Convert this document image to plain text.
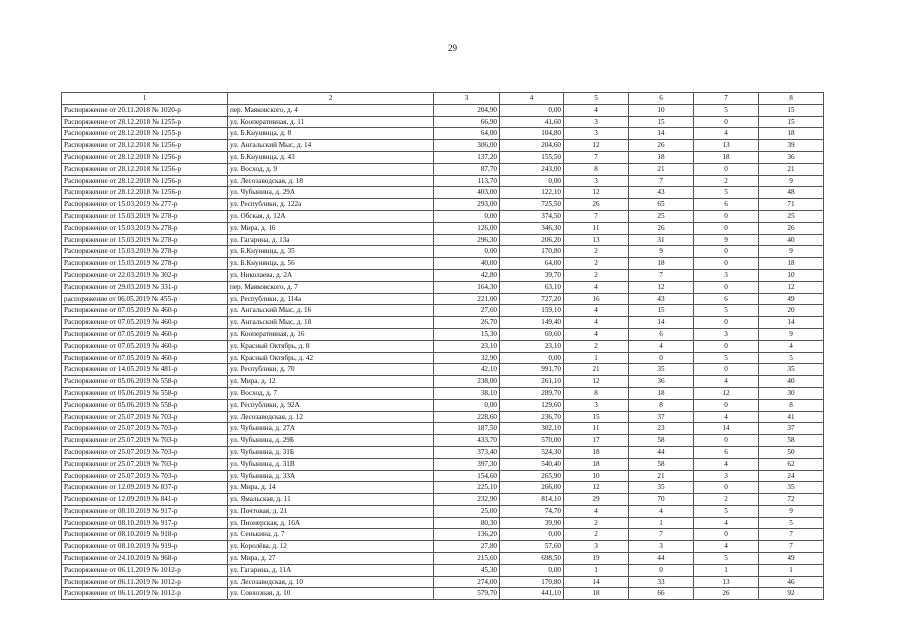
29
1	2	3	4	5	6	7	8
Распоряжение от 20.11.2018 № 1020-р	пер. Маяковского, д. 4	204,90	0,00	4	10	5	15
Распоряжение от 28.12.2018 № 1255-р	ул. Кооперативная, д. 11	66,90	41,60	3	15	0	15
Распоряжение от 28.12.2018 № 1255-р	ул. Б.Кнунянца, д. 8	64,00	104,80	3	14	4	18
Распоряжение от 28.12.2018 № 1256-р	ул. Ангальский Мыс, д. 14	306,00	204,60	12	26	13	39
Распоряжение от 28.12.2018 № 1256-р	ул. Б.Кнунянца, д. 43	137,20	155,50	7	18	18	36
Распоряжение от 28.12.2018 № 1256-р	ул. Восход, д. 9	87,70	243,00	8	21	0	21
Распоряжение от 28.12.2018 № 1256-р	ул. Лесозаводская, д. 18	113,70	0,00	3	7	2	9
Распоряжение от 28.12.2018 № 1256-р	ул. Чубынина, д. 29А	403,00	122,10	12	43	5	48
Распоряжение от 15.03.2019 № 277-р	ул. Республики, д. 122а	293,00	725,50	26	65	6	71
Распоряжение от 15.03.2019 № 278-р	ул. Обская, д. 12А	0,00	374,50	7	25	0	25
Распоряжение от 15.03.2019 № 278-р	ул. Мира, д. 16	126,00	346,30	11	26	0	26
Распоряжение от 15.03.2019 № 278-р	ул. Гагарина, д. 13а	296,30	206,20	13	31	9	40
Распоряжение от 15.03.2019 № 278-р	ул. Б.Кнунянца, д. 35	0,00	170,80	2	9	0	9
Распоряжение от 15.03.2019 № 278-р	ул. Б.Кнунянца, д. 56	40,00	64,00	2	18	0	18
Распоряжение от 22.03.2019 № 302-р	ул. Николаева, д. 2А	42,80	39,70	2	7	3	10
Распоряжение от 29.03.2019 № 331-р	пер. Маяковского, д. 7	164,30	63,10	4	12	0	12
распоряжение от 06.05.2019 № 455-р	ул. Республики, д. 114а	221,00	727,20	16	43	6	49
Распоряжение от 07.05.2019 № 460-р	ул. Ангальский Мыс, д. 16	27,60	159,10	4	15	5	20
Распоряжение от 07.05.2019 № 460-р	ул. Ангальский Мыс, д. 18	26,70	149,40	4	14	0	14
Распоряжение от 07.05.2019 № 460-р	ул. Кооперативная, д. 16	15,30	69,60	4	6	3	9
Распоряжение от 07.05.2019 № 460-р	ул. Красный Октябрь, д. 8	23,10	23,10	2	4	0	4
Распоряжение от 07.05.2019 № 460-р	ул. Красный Октябрь, д. 42	32,90	0,00	1	0	5	5
Распоряжение от 14.05.2019 № 481-р	ул. Республики, д. 70	42,10	991,70	21	35	0	35
Распоряжение от 05.06.2019 № 558-р	ул. Мира, д. 12	238,00	261,10	12	36	4	40
Распоряжение от 05.06.2019 № 558-р	ул. Восход, д. 7	38,10	289,70	8	18	12	30
Распоряжение от 05.06.2019 № 558-р	ул. Республики, д. 92А	0,00	129,60	3	8	0	8
Распоряжение от 25.07.2019 № 703-р	ул. Лесозаводская, д. 12	228,60	236,70	15	37	4	41
Распоряжение от 25.07.2019 № 703-р	ул. Чубынина, д. 27А	187,50	302,10	11	23	14	37
Распоряжение от 25.07.2019 № 703-р	ул. Чубынина, д. 29Б	433,70	570,00	17	58	0	58
Распоряжение от 25.07.2019 № 703-р	ул. Чубынина, д. 31Б	373,40	524,30	18	44	6	50
Распоряжение от 25.07.2019 № 703-р	ул. Чубынина, д. 31В	397,30	540,40	18	58	4	62
Распоряжение от 25.07.2019 № 703-р	ул. Чубынина, д. 33А	154,60	265,90	10	21	3	24
Распоряжение от 12.09.2019 № 837-р	ул. Мира, д. 14	225,10	266,00	12	35	0	35
Распоряжение от 12.09.2019 № 841-р	ул. Ямальская, д. 11	232,90	814,10	29	70	2	72
Распоряжение от 08.10.2019 № 917-р	ул. Почтовая, д. 21	25,00	74,70	4	4	5	9
Распоряжение от 08.10.2019 № 917-р	ул. Пионерская, д. 16А	80,30	39,90	2	1	4	5
Распоряжение от 08.10.2019 № 918-р	ул. Сенькина, д. 7	136,20	0,00	2	7	0	7
Распоряжение от 08.10.2019 № 919-р	ул. Королёва, д. 12	27,80	57,60	3	3	4	7
Распоряжение от 24.10.2019 № 968-р	ул. Мира, д. 27	215,60	698,50	19	44	5	49
Распоряжение от 06.11.2019 № 1012-р	ул. Гагарина, д. 11А	45,30	0,00	1	0	1	1
Распоряжение от 06.11.2019 № 1012-р	ул. Лесозаводская, д. 10	274,00	170,80	14	33	13	46
Распоряжение от 06.11.2019 № 1012-р	ул. Совхозная, д. 10	579,70	441,10	18	66	26	92
